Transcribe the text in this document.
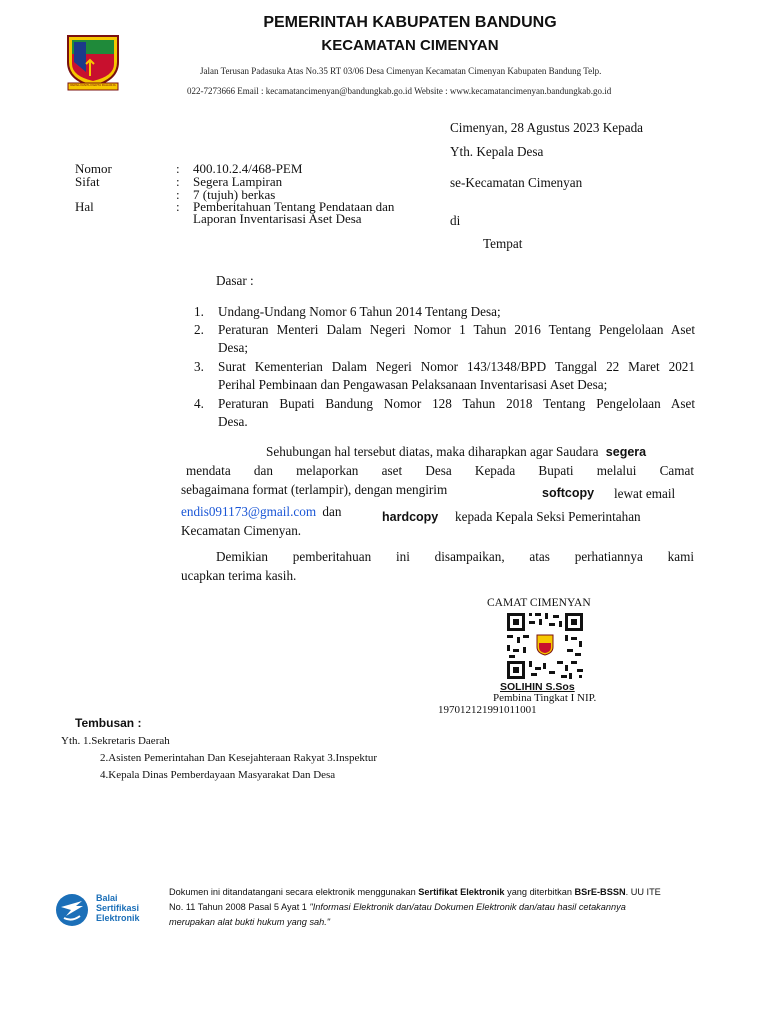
REPEH RAPIH KERTA RAHARJA
PEMERINTAH KABUPATEN BANDUNG
KECAMATAN CIMENYAN
Jalan Terusan Padasuka Atas No.35 RT 03/06 Desa Cimenyan Kecamatan Cimenyan Kabupaten Bandung Telp.
022-7273666 Email : kecamatancimenyan@bandungkab.go.id Website : www.kecamatancimenyan.bandungkab.go.id
Cimenyan, 28 Agustus 2023 Kepada
Yth. Kepala Desa
se-Kecamatan Cimenyan
di
Tempat
Nomor	: 400.10.2.4/468-PEM
Sifat	: Segera Lampiran
: 7 (tujuh) berkas
Hal	: Pemberitahuan Tentang Pendataan dan
Laporan Inventarisasi Aset Desa
Dasar :
1. Undang-Undang Nomor 6 Tahun 2014 Tentang Desa;
2. Peraturan Menteri Dalam Negeri Nomor 1 Tahun 2016 Tentang Pengelolaan Aset
Desa;
3. Surat Kementerian Dalam Negeri Nomor 143/1348/BPD Tanggal 22 Maret 2021
Perihal Pembinaan dan Pengawasan Pelaksanaan Inventarisasi Aset Desa;
4. Peraturan Bupati Bandung Nomor 128 Tahun 2018 Tentang Pengelolaan Aset
Desa.
Sehubungan hal tersebut diatas, maka diharapkan agar Saudara segera
mendata dan melaporkan aset Desa Kepada Bupati melalui Camat
sebagaimana format (terlampir), dengan mengirim	softcopy lewat email
endis091173@gmail.com dan	hardcopy kepada Kepala Seksi Pemerintahan
Kecamatan Cimenyan.
Demikian pemberitahuan ini disampaikan, atas perhatiannya kami
ucapkan terima kasih.
CAMAT CIMENYAN
SOLIHIN S.Sos
Pembina Tingkat I NIP.
197012121991011001
Tembusan :
Yth. 1.Sekretaris Daerah
2.Asisten Pemerintahan Dan Kesejahteraan Rakyat 3.Inspektur
4.Kepala Dinas Pemberdayaan Masyarakat Dan Desa
Balai
Sertifikasi
Elektronik
Dokumen ini ditandatangani secara elektronik menggunakan Sertifikat Elektronik yang diterbitkan BSrE-BSSN. UU ITE
No. 11 Tahun 2008 Pasal 5 Ayat 1 "Informasi Elektronik dan/atau Dokumen Elektronik dan/atau hasil cetakannya
merupakan alat bukti hukum yang sah."
